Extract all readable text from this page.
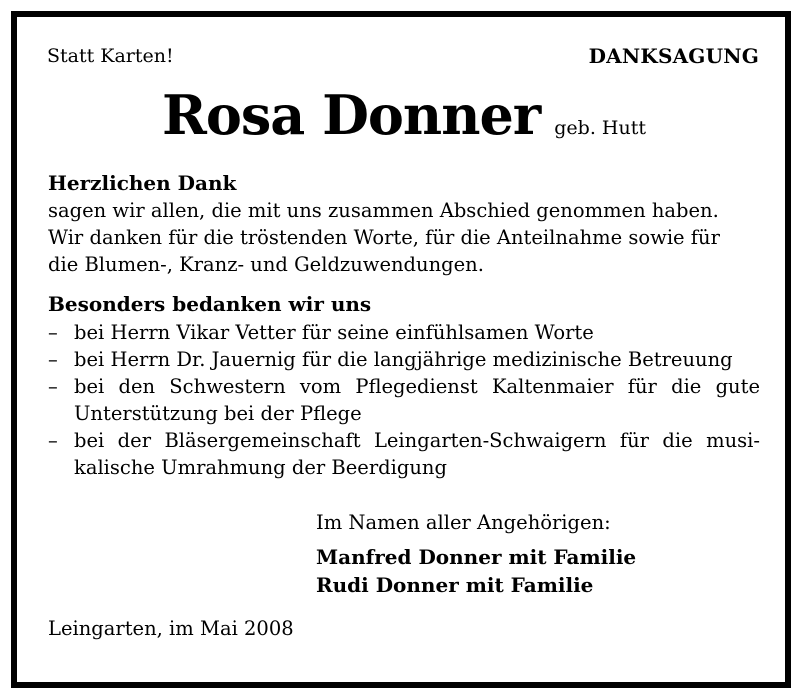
Statt Karten!	DANKSAGUNG
Rosa Donner geb. Hutt
Herzlichen Dank
sagen wir allen, die mit uns zusammen Abschied genommen haben.
Wir danken für die tröstenden Worte, für die Anteilnahme sowie für
die Blumen-, Kranz- und Geldzuwendungen.
Besonders bedanken wir uns
– bei Herrn Vikar Vetter für seine einfühlsamen Worte
– bei Herrn Dr. Jauernig für die langjährige medizinische Betreuung
– bei den Schwestern vom Pflegedienst Kaltenmaier für die gute
Unterstützung bei der Pflege
– bei der Bläsergemeinschaft Leingarten-Schwaigern für die musi-
kalische Umrahmung der Beerdigung
Im Namen aller Angehörigen:
Manfred Donner mit Familie
Rudi Donner mit Familie
Leingarten, im Mai 2008
